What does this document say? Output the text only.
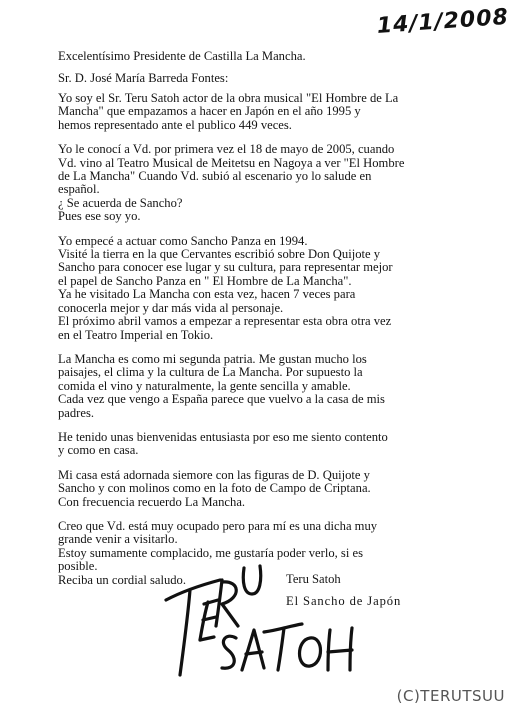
14/1/2008

Excelentísimo Presidente de Castilla La Mancha.

Sr. D. José María Barreda Fontes:

Yo soy el Sr. Teru Satoh actor de la obra musical "El Hombre de La
Mancha" que empazamos a hacer en Japón en el año 1995 y
hemos representado ante el publico 449 veces.

Yo le conocí a Vd. por primera vez el 18 de mayo de 2005, cuando
Vd. vino al Teatro Musical de Meitetsu en Nagoya a ver "El Hombre
de La Mancha" Cuando Vd. subió al escenario yo lo salude en
español.
¿ Se acuerda de Sancho?
Pues ese soy yo.

Yo empecé a actuar como Sancho Panza en 1994.
Visité la tierra en la que Cervantes escribió sobre Don Quijote y
Sancho para conocer ese lugar y su cultura, para representar mejor
el papel de Sancho Panza en " El Hombre de La Mancha".
Ya he visitado La Mancha con esta vez, hacen 7 veces para
conocerla mejor y dar más vida al personaje.
El próximo abril vamos a empezar a representar esta obra otra vez
en el Teatro Imperial en Tokio.

La Mancha es como mi segunda patria. Me gustan mucho los
paisajes, el clima y la cultura de La Mancha. Por supuesto la
comida el vino y naturalmente, la gente sencilla y amable.
Cada vez que vengo a España parece que vuelvo a la casa de mis
padres.

He tenido unas bienvenidas entusiasta por eso me siento contento
y como en casa.

Mi casa está adornada siemore con las figuras de D. Quijote y
Sancho y con molinos como en la foto de Campo de Criptana.
Con frecuencia recuerdo La Mancha.

Creo que Vd. está muy ocupado pero para mí es una dicha muy
grande venir a visitarlo.
Estoy sumamente complacido, me gustaría poder verlo, si es
posible.
Reciba un cordial saludo.	Teru Satoh
El Sancho de Japón
(C)TERUTSUU
